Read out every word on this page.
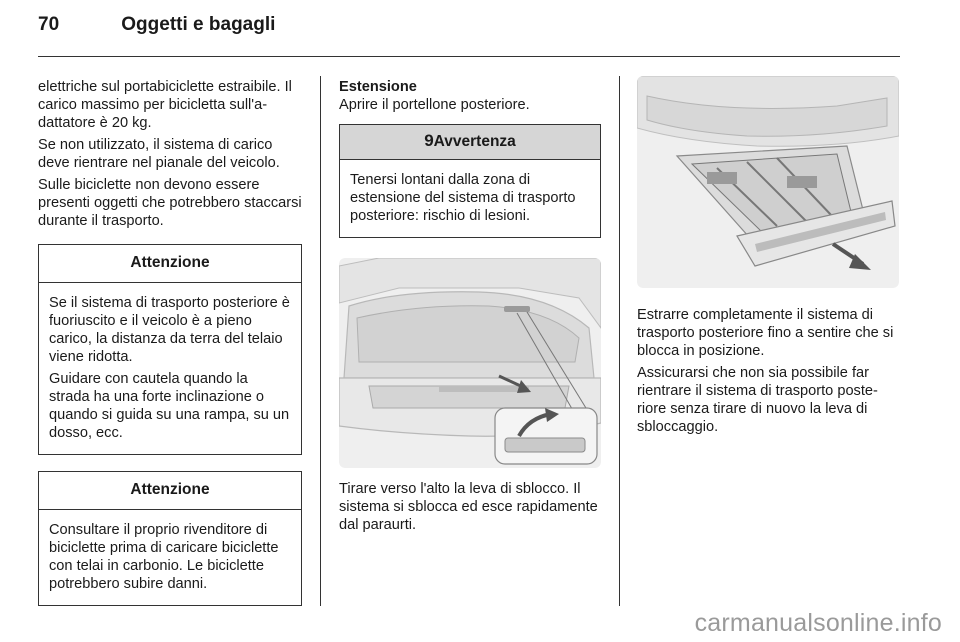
70	Oggetti e bagagli

elettriche sul portabiciclette estraibile. Il carico massimo per bicicletta sull'adattatore è 20 kg.

Se non utilizzato, il sistema di carico deve rientrare nel pianale del veicolo.

Sulle biciclette non devono essere presenti oggetti che potrebbero staccarsi durante il trasporto.

Attenzione

Se il sistema di trasporto posteriore è fuoriuscito e il veicolo è a pieno carico, la distanza da terra del telaio viene ridotta.

Guidare con cautela quando la strada ha una forte inclinazione o quando si guida su una rampa, su un dosso, ecc.

Attenzione

Consultare il proprio rivenditore di biciclette prima di caricare biciclette con telai in carbonio. Le biciclette potrebbero subire danni.

Estensione

Aprire il portellone posteriore.

9Avvertenza

Tenersi lontani dalla zona di estensione del sistema di trasporto posteriore: rischio di lesioni.

Tirare verso l'alto la leva di sblocco. Il sistema si sblocca ed esce rapidamente dal paraurti.

Estrarre completamente il sistema di trasporto posteriore fino a sentire che si blocca in posizione.

Assicurarsi che non sia possibile far rientrare il sistema di trasporto posteriore senza tirare di nuovo la leva di sbloccaggio.

carmanualsonline.info
